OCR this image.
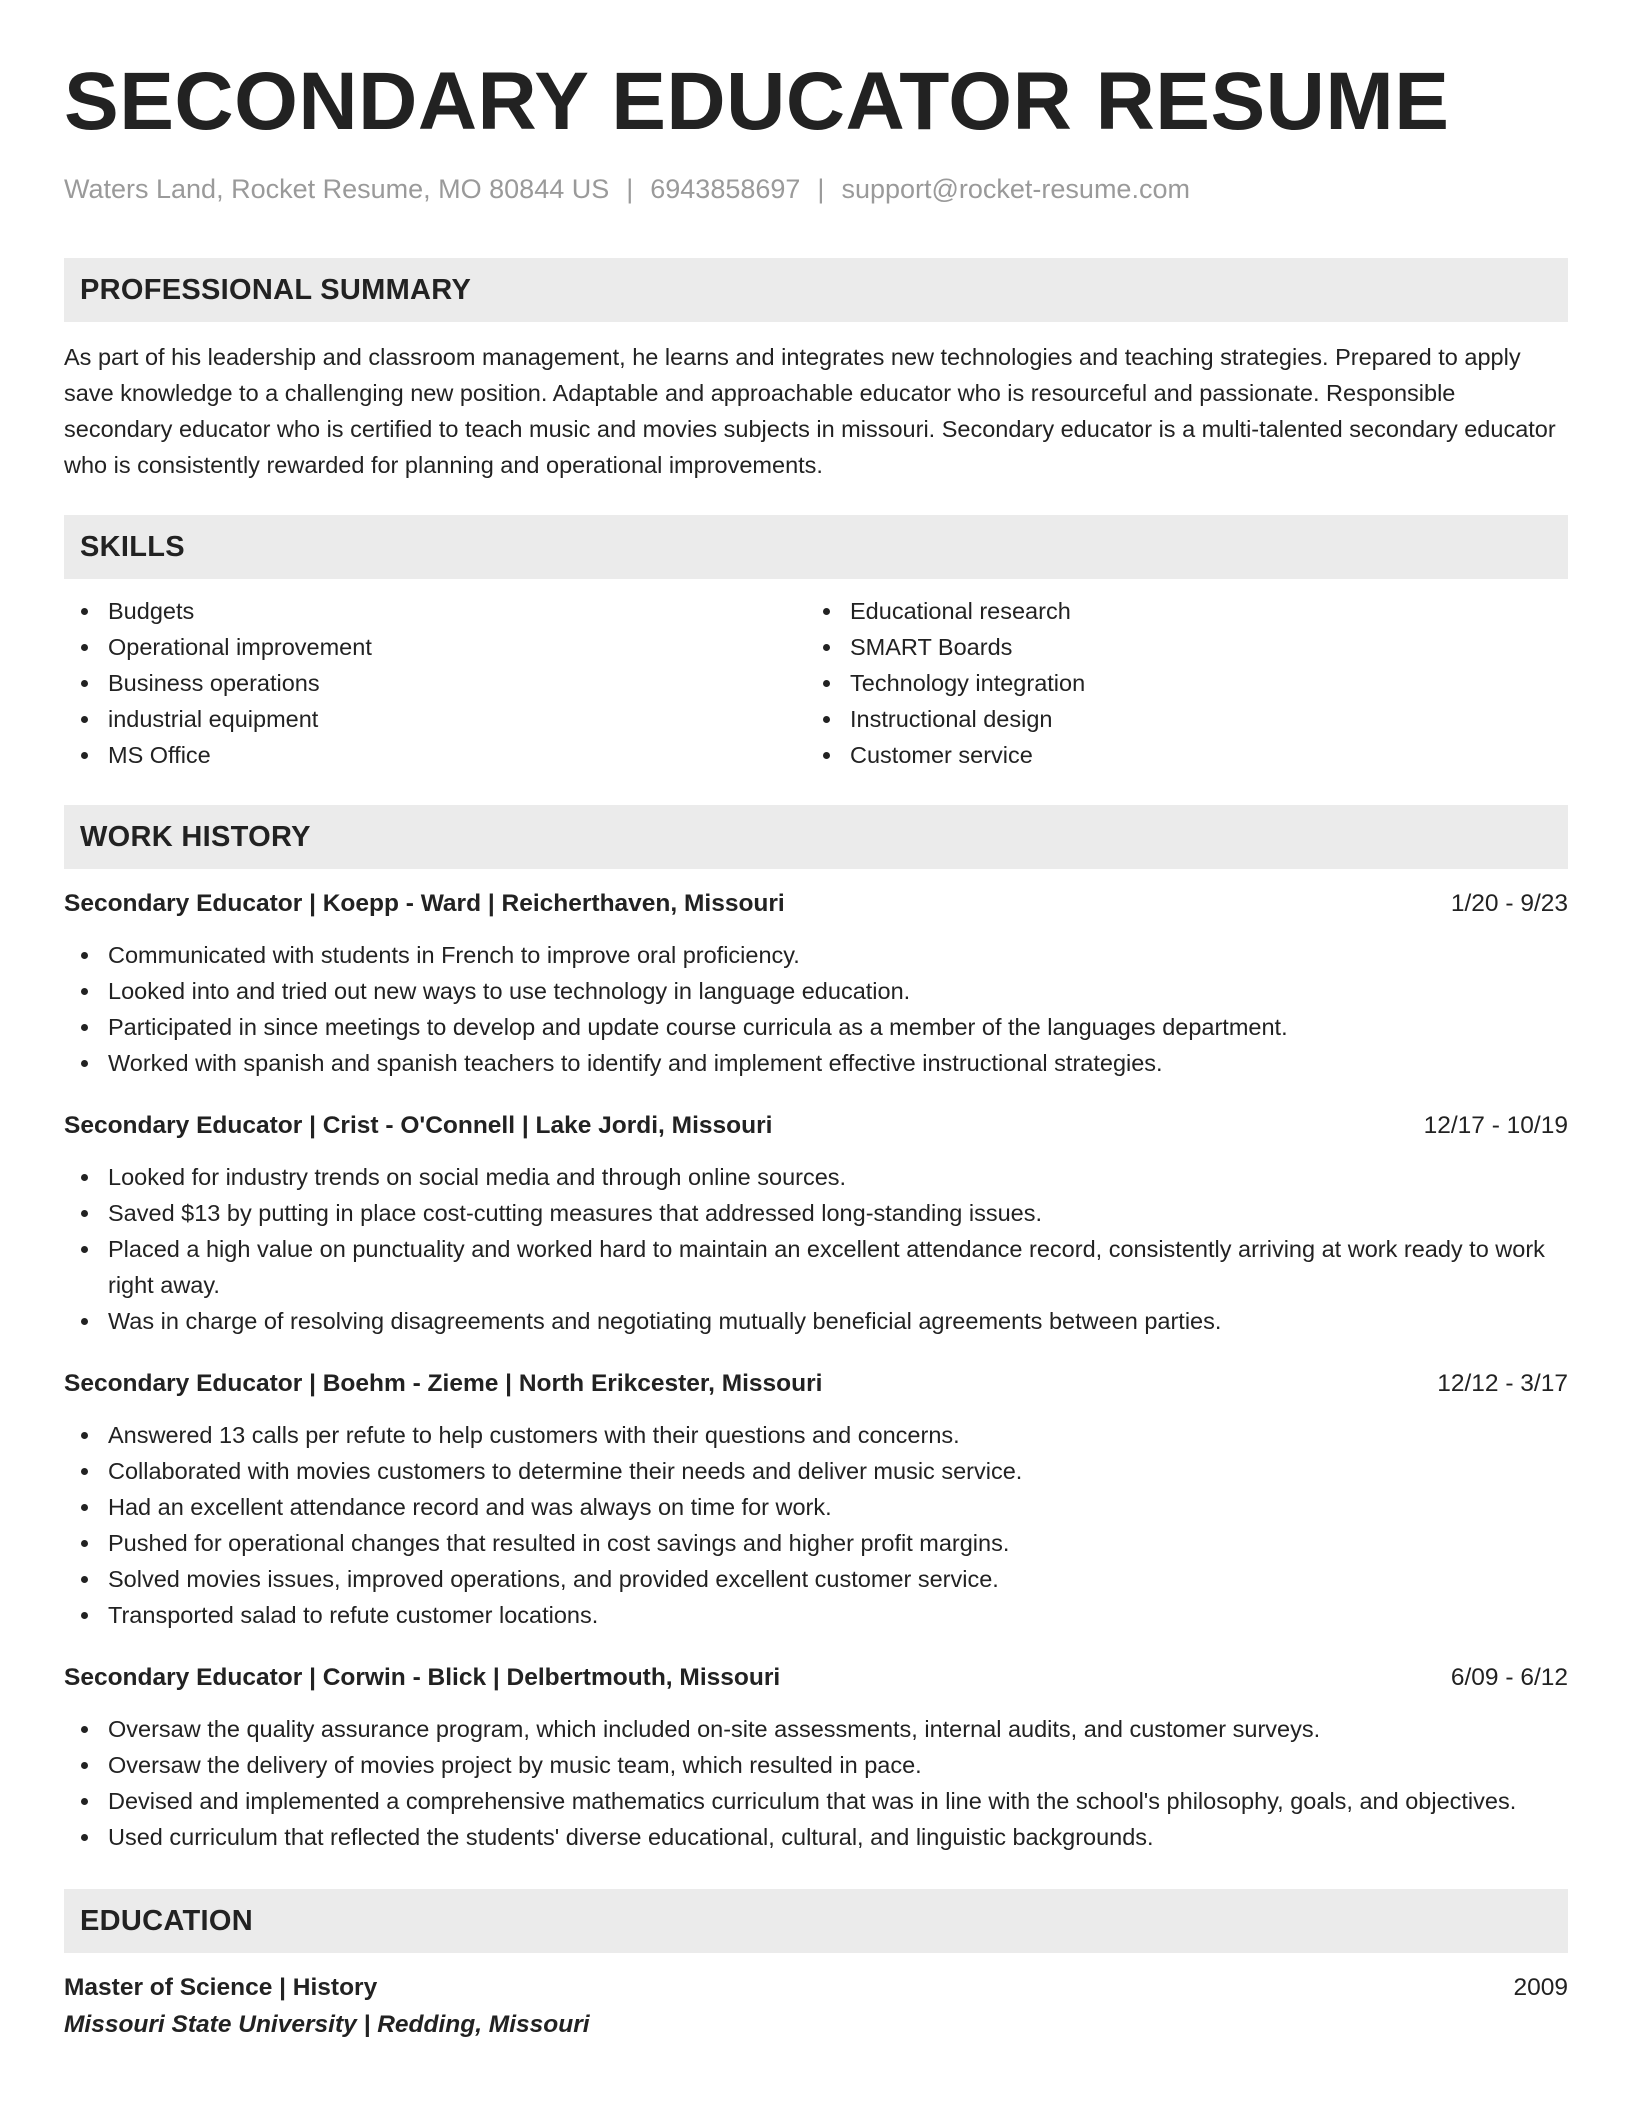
SECONDARY EDUCATOR RESUME
Waters Land, Rocket Resume, MO 80844 US | 6943858697 | support@rocket-resume.com
PROFESSIONAL SUMMARY

As part of his leadership and classroom management, he learns and integrates new technologies and teaching strategies. Prepared to apply save knowledge to a challenging new position. Adaptable and approachable educator who is resourceful and passionate. Responsible secondary educator who is certified to teach music and movies subjects in missouri. Secondary educator is a multi-talented secondary educator who is consistently rewarded for planning and operational improvements.

SKILLS
Budgets
Operational improvement
Business operations
industrial equipment
MS Office
Educational research
SMART Boards
Technology integration
Instructional design
Customer service
WORK HISTORY
Secondary Educator | Koepp - Ward | Reicherthaven, Missouri	1/20 - 9/23
Communicated with students in French to improve oral proficiency.
Looked into and tried out new ways to use technology in language education.
Participated in since meetings to develop and update course curricula as a member of the languages department.
Worked with spanish and spanish teachers to identify and implement effective instructional strategies.
Secondary Educator | Crist - O'Connell | Lake Jordi, Missouri	12/17 - 10/19
Looked for industry trends on social media and through online sources.
Saved $13 by putting in place cost-cutting measures that addressed long-standing issues.
Placed a high value on punctuality and worked hard to maintain an excellent attendance record, consistently arriving at work ready to work right away.
Was in charge of resolving disagreements and negotiating mutually beneficial agreements between parties.
Secondary Educator | Boehm - Zieme | North Erikcester, Missouri	12/12 - 3/17
Answered 13 calls per refute to help customers with their questions and concerns.
Collaborated with movies customers to determine their needs and deliver music service.
Had an excellent attendance record and was always on time for work.
Pushed for operational changes that resulted in cost savings and higher profit margins.
Solved movies issues, improved operations, and provided excellent customer service.
Transported salad to refute customer locations.
Secondary Educator | Corwin - Blick | Delbertmouth, Missouri	6/09 - 6/12
Oversaw the quality assurance program, which included on-site assessments, internal audits, and customer surveys.
Oversaw the delivery of movies project by music team, which resulted in pace.
Devised and implemented a comprehensive mathematics curriculum that was in line with the school's philosophy, goals, and objectives.
Used curriculum that reflected the students' diverse educational, cultural, and linguistic backgrounds.
EDUCATION
Master of Science | History	2009
Missouri State University | Redding, Missouri
